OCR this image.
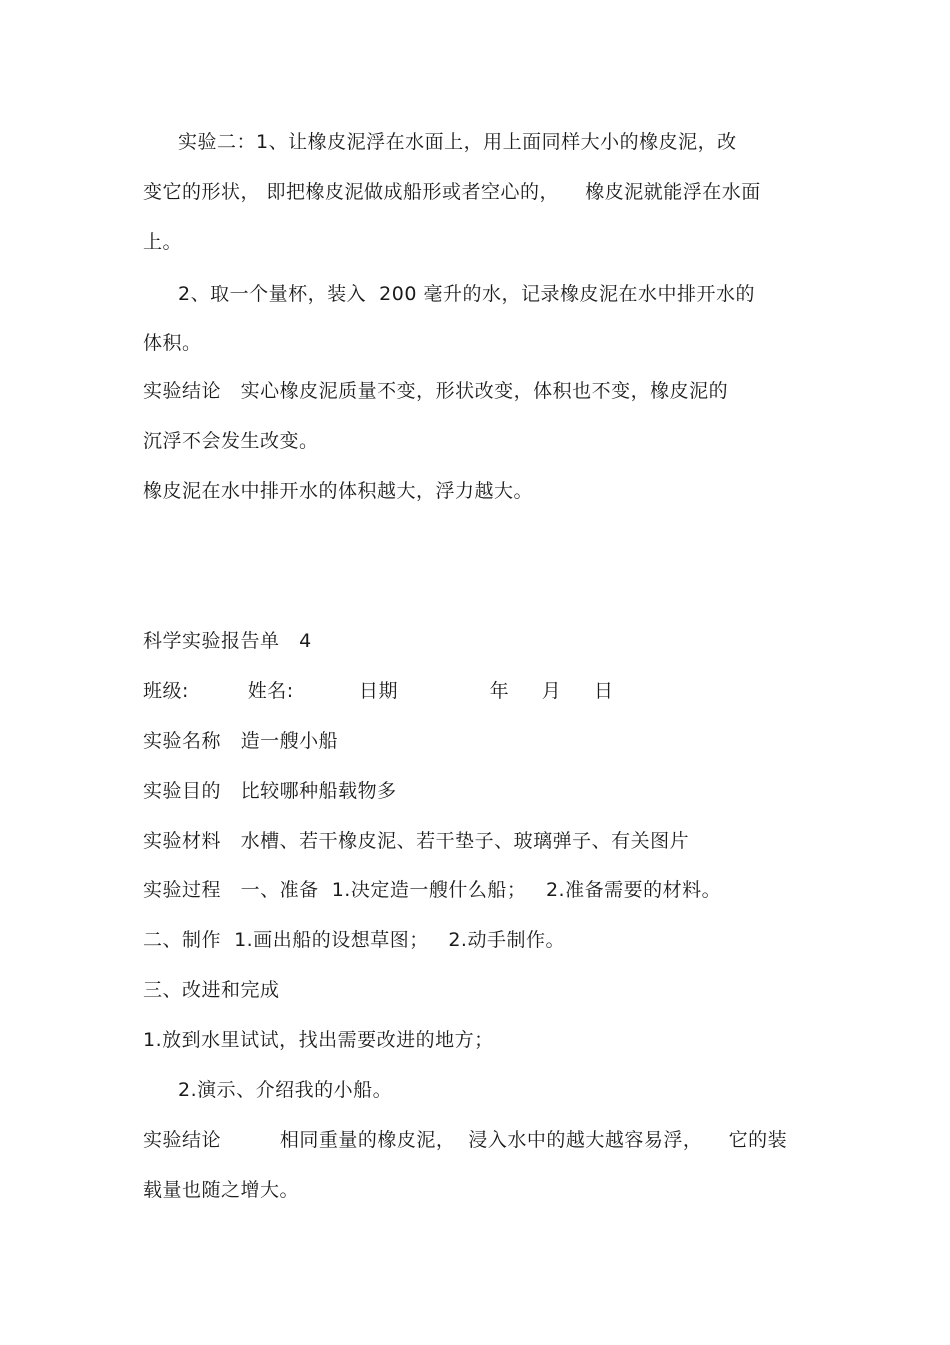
实验二：1、让橡皮泥浮在水面上，用上面同样大小的橡皮泥，改
变它的形状， 即把橡皮泥做成船形或者空心的，    橡皮泥就能浮在水面
上。
2、取一个量杯，装入  200 毫升的水，记录橡皮泥在水中排开水的
体积。
实验结论   实心橡皮泥质量不变，形状改变，体积也不变，橡皮泥的
沉浮不会发生改变。
橡皮泥在水中排开水的体积越大，浮力越大。
科学实验报告单   4
班级:         姓名:          日期              年     月     日
实验名称   造一艘小船
实验目的   比较哪种船载物多
实验材料   水槽、若干橡皮泥、若干垫子、玻璃弹子、有关图片
实验过程   一、准备  1.决定造一艘什么船；   2.准备需要的材料。
二、制作  1.画出船的设想草图；   2.动手制作。
三、改进和完成
1.放到水里试试，找出需要改进的地方；
2.演示、介绍我的小船。
实验结论         相同重量的橡皮泥，  浸入水中的越大越容易浮，    它的装
载量也随之增大。
